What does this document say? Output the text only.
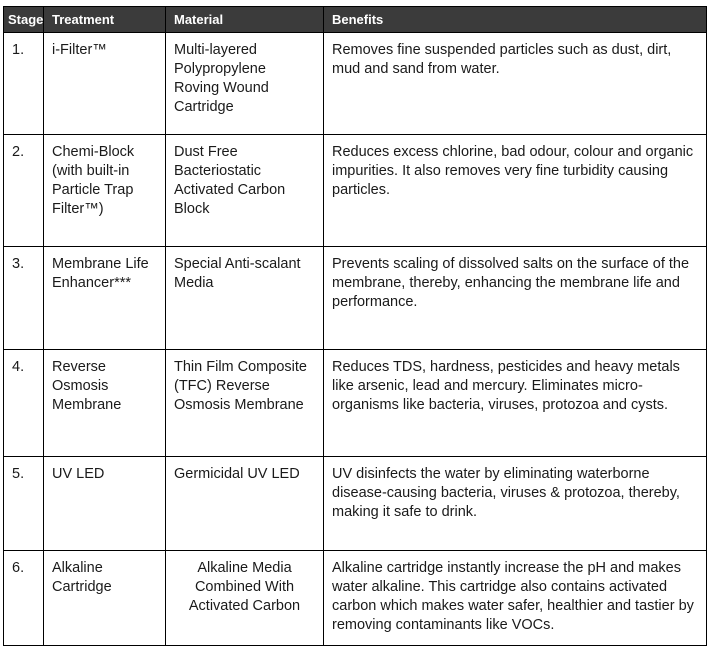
Stage	Treatment	Material	Benefits
1.	i-Filter™	Multi-layered Polypropylene Roving Wound Cartridge	Removes fine suspended particles such as dust, dirt, mud and sand from water.
2.	Chemi-Block (with built-in Particle Trap Filter™)	Dust Free Bacteriostatic Activated Carbon Block	Reduces excess chlorine, bad odour, colour and organic impurities. It also removes very fine turbidity causing particles.
3.	Membrane Life Enhancer***	Special Anti-scalant Media	Prevents scaling of dissolved salts on the surface of the membrane, thereby, enhancing the membrane life and performance.
4.	Reverse Osmosis Membrane	Thin Film Composite (TFC) Reverse Osmosis Membrane	Reduces TDS, hardness, pesticides and heavy metals like arsenic, lead and mercury. Eliminates micro-organisms like bacteria, viruses, protozoa and cysts.
5.	UV LED	Germicidal UV LED	UV disinfects the water by eliminating waterborne disease-causing bacteria, viruses & protozoa, thereby, making it safe to drink.
6.	Alkaline Cartridge	Alkaline Media Combined With Activated Carbon	Alkaline cartridge instantly increase the pH and makes water alkaline. This cartridge also contains activated carbon which makes water safer, healthier and tastier by removing contaminants like VOCs.
